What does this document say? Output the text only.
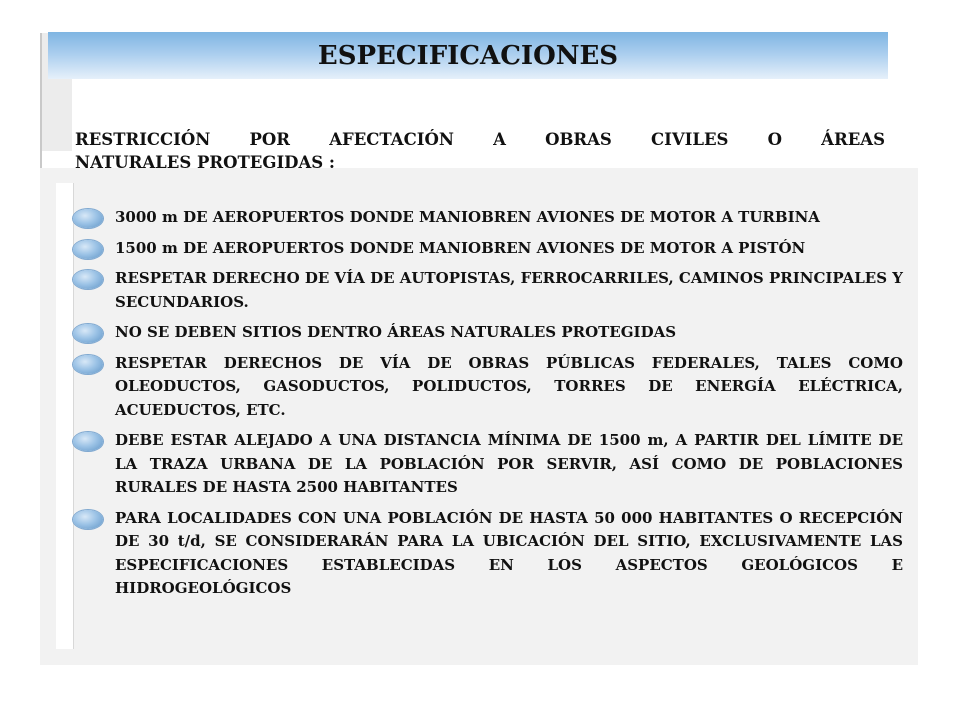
ESPECIFICACIONES
RESTRICCIÓN POR AFECTACIÓN A OBRAS CIVILES O ÁREAS
NATURALES PROTEGIDAS :
3000 m DE AEROPUERTOS DONDE MANIOBREN AVIONES DE MOTOR A TURBINA
1500 m DE AEROPUERTOS DONDE MANIOBREN AVIONES DE MOTOR A PISTÓN
RESPETAR DERECHO DE VÍA DE AUTOPISTAS, FERROCARRILES, CAMINOS PRINCIPALES Y SECUNDARIOS.
NO SE DEBEN SITIOS DENTRO ÁREAS NATURALES PROTEGIDAS
RESPETAR DERECHOS DE VÍA DE OBRAS PÚBLICAS FEDERALES, TALES COMO OLEODUCTOS, GASODUCTOS, POLIDUCTOS, TORRES DE ENERGÍA ELÉCTRICA, ACUEDUCTOS, ETC.
DEBE ESTAR ALEJADO A UNA DISTANCIA MÍNIMA DE 1500 m, A PARTIR DEL LÍMITE DE LA TRAZA URBANA DE LA POBLACIÓN POR SERVIR, ASÍ COMO DE POBLACIONES RURALES DE HASTA 2500 HABITANTES
PARA LOCALIDADES CON UNA POBLACIÓN DE HASTA 50 000 HABITANTES O RECEPCIÓN DE 30 t/d, SE CONSIDERARÁN PARA LA UBICACIÓN DEL SITIO, EXCLUSIVAMENTE LAS ESPECIFICACIONES ESTABLECIDAS EN LOS ASPECTOS GEOLÓGICOS E HIDROGEOLÓGICOS
